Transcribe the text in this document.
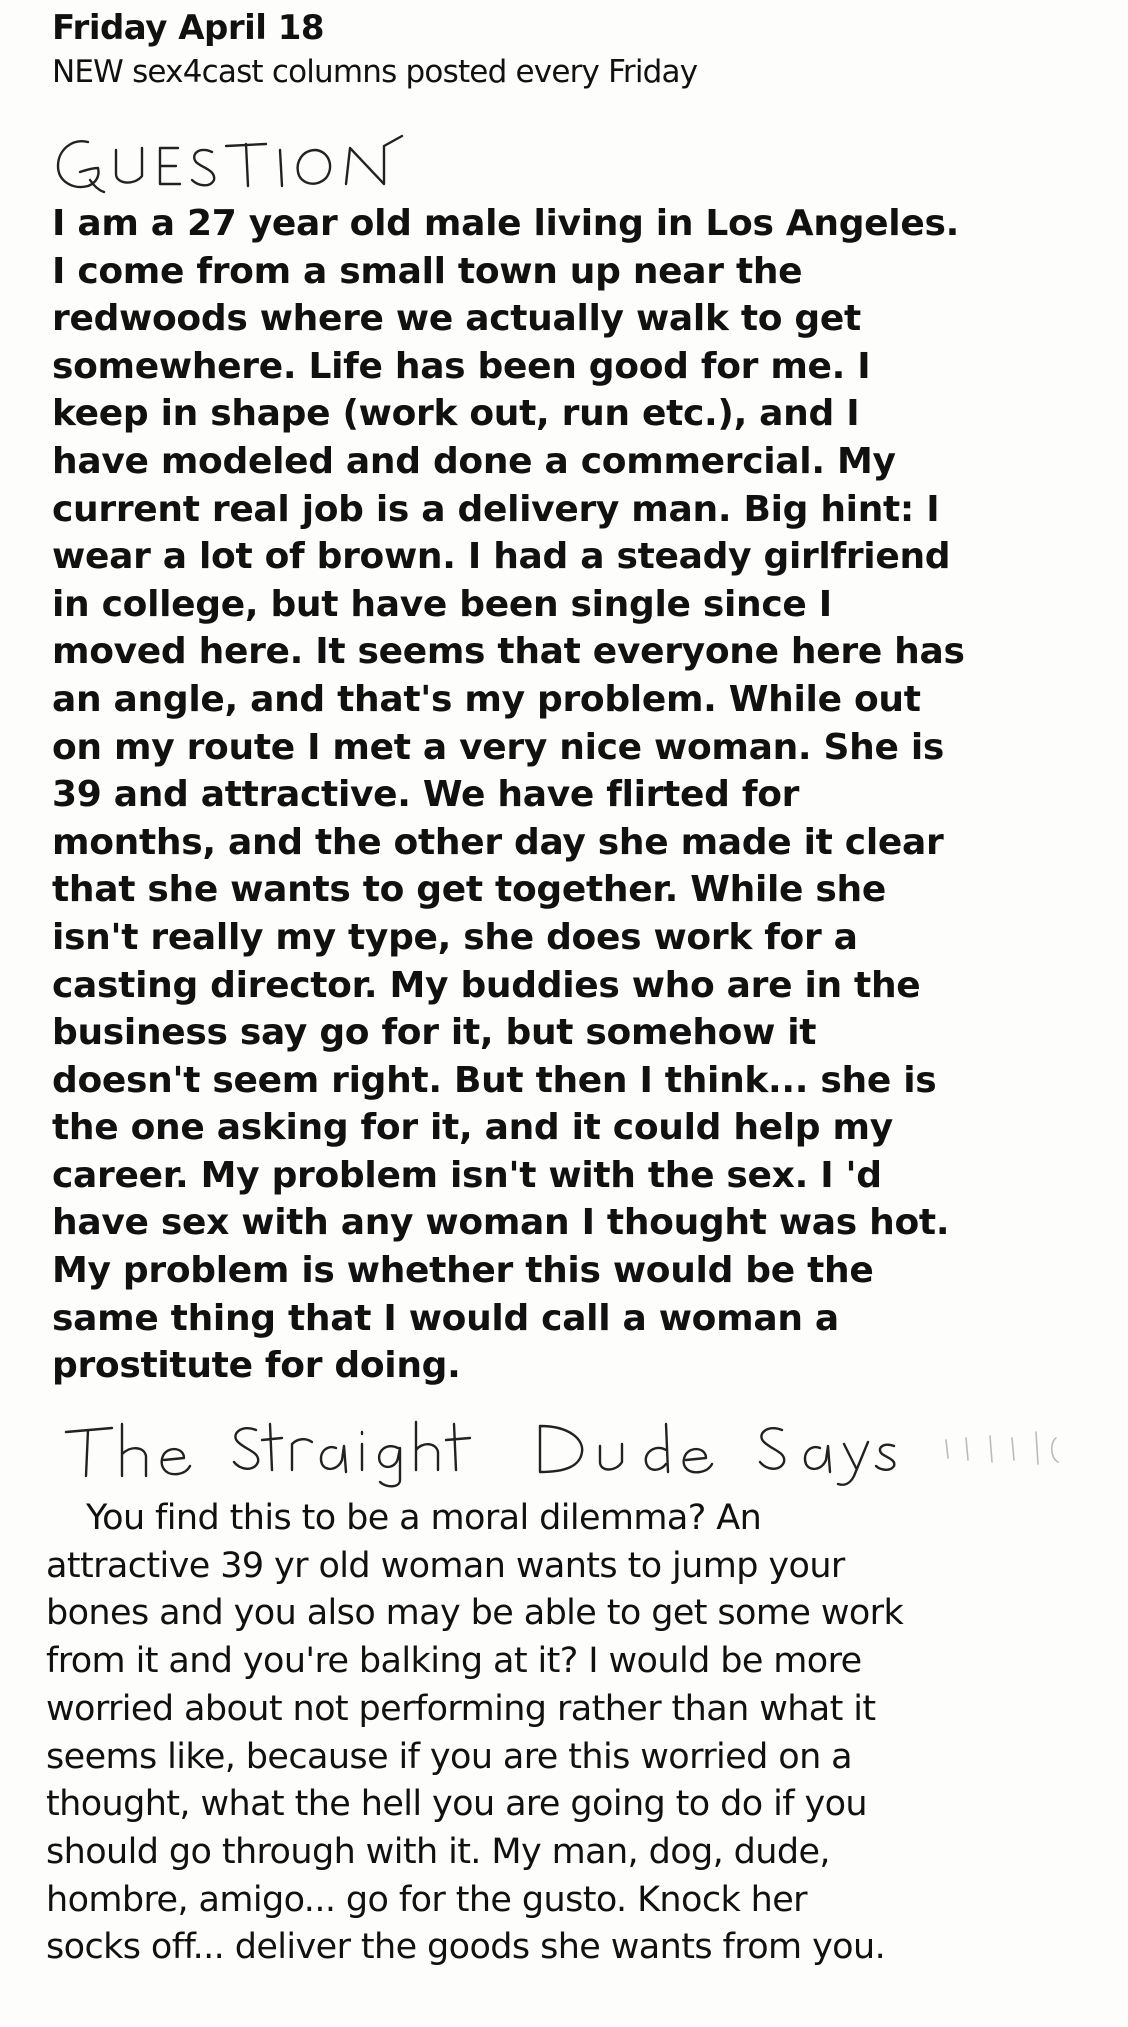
Friday April 18
NEW sex4cast columns posted every Friday

I am a 27 year old male living in Los Angeles.
I come from a small town up near the
redwoods where we actually walk to get
somewhere. Life has been good for me. I
keep in shape (work out, run etc.), and I
have modeled and done a commercial. My
current real job is a delivery man. Big hint: I
wear a lot of brown. I had a steady girlfriend
in college, but have been single since I
moved here. It seems that everyone here has
an angle, and that's my problem. While out
on my route I met a very nice woman. She is
39 and attractive. We have flirted for
months, and the other day she made it clear
that she wants to get together. While she
isn't really my type, she does work for a
casting director. My buddies who are in the
business say go for it, but somehow it
doesn't seem right. But then I think... she is
the one asking for it, and it could help my
career. My problem isn't with the sex. I 'd
have sex with any woman I thought was hot.
My problem is whether this would be the
same thing that I would call a woman a
prostitute for doing.

You find this to be a moral dilemma? An
attractive 39 yr old woman wants to jump your
bones and you also may be able to get some work
from it and you're balking at it? I would be more
worried about not performing rather than what it
seems like, because if you are this worried on a
thought, what the hell you are going to do if you
should go through with it. My man, dog, dude,
hombre, amigo... go for the gusto. Knock her
socks off... deliver the goods she wants from you.
